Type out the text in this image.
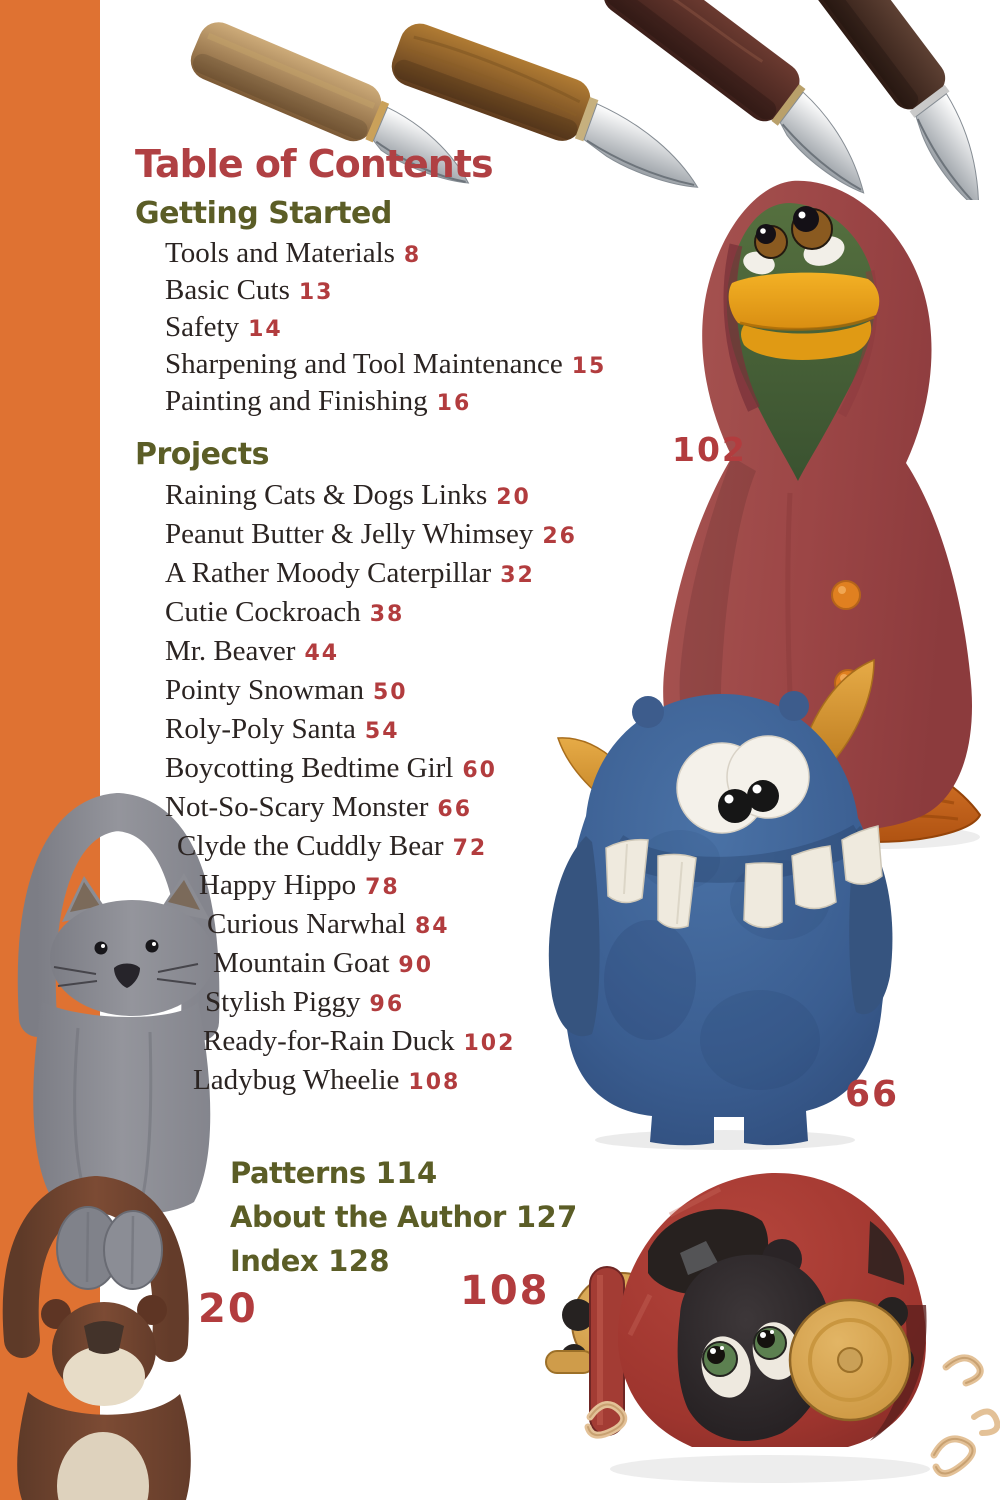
102
66
20	108
Table of Contents
Getting Started
Tools and Materials 8
Basic Cuts 13
Safety 14
Sharpening and Tool Maintenance 15
Painting and Finishing 16
Projects
Raining Cats & Dogs Links 20
Peanut Butter & Jelly Whimsey 26
A Rather Moody Caterpillar 32
Cutie Cockroach 38
Mr. Beaver 44
Pointy Snowman 50
Roly-Poly Santa 54
Boycotting Bedtime Girl 60
Not-So-Scary Monster 66
Clyde the Cuddly Bear 72
Happy Hippo 78
Curious Narwhal 84
Mountain Goat 90
Stylish Piggy 96
Ready-for-Rain Duck 102
Ladybug Wheelie 108
Patterns 114
About the Author 127
Index 128
